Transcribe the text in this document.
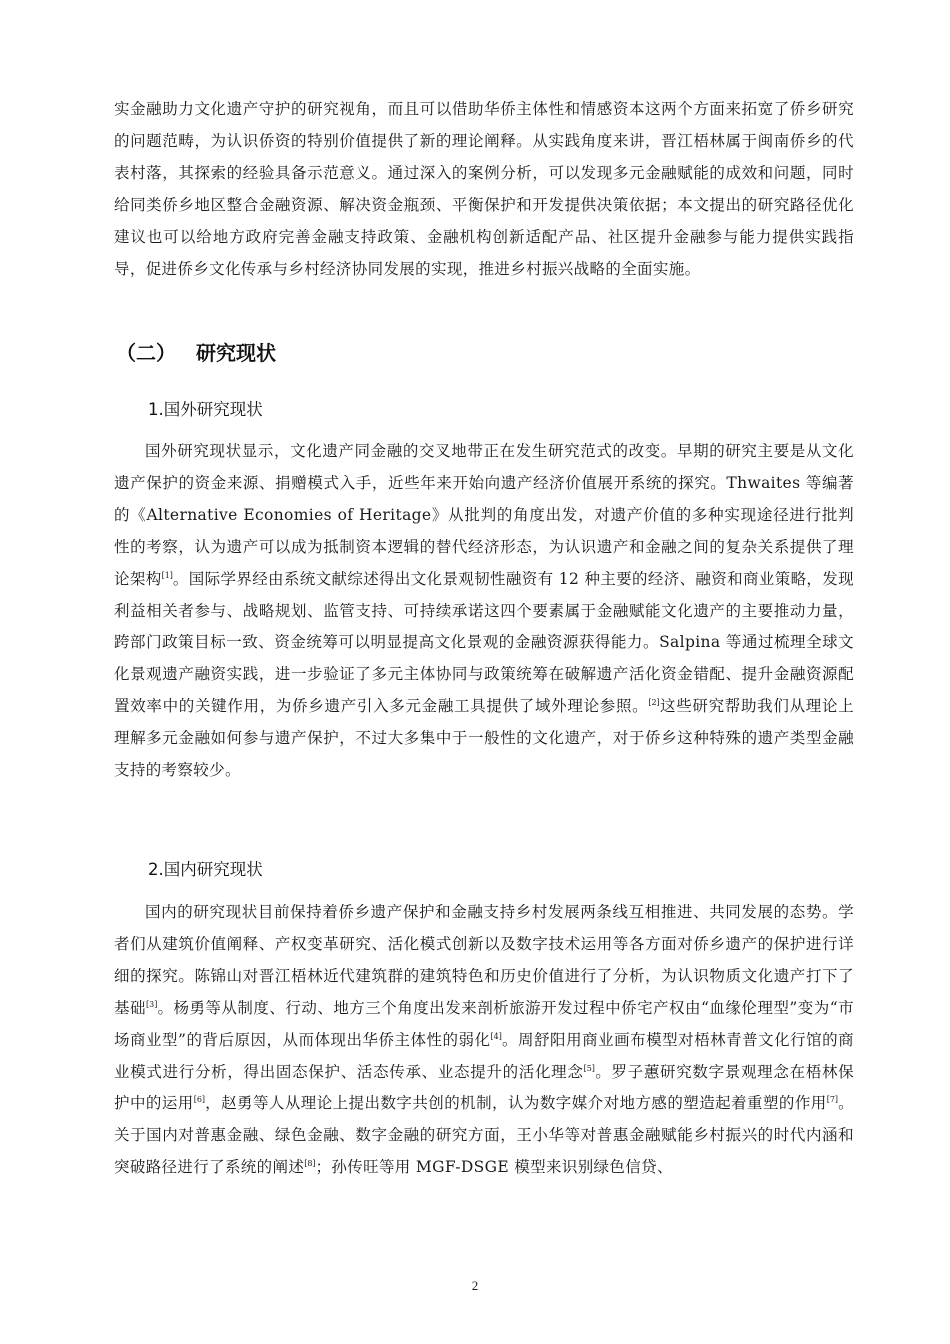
实金融助力文化遗产守护的研究视角，而且可以借助华侨主体性和情感资本这两个方面来拓宽了侨乡研究的问题范畴，为认识侨资的特别价值提供了新的理论阐释。从实践角度来讲，晋江梧林属于闽南侨乡的代表村落，其探索的经验具备示范意义。通过深入的案例分析，可以发现多元金融赋能的成效和问题，同时给同类侨乡地区整合金融资源、解决资金瓶颈、平衡保护和开发提供决策依据；本文提出的研究路径优化建议也可以给地方政府完善金融支持政策、金融机构创新适配产品、社区提升金融参与能力提供实践指导，促进侨乡文化传承与乡村经济协同发展的实现，推进乡村振兴战略的全面实施。

（二） 研究现状
1.国外研究现状

国外研究现状显示，文化遗产同金融的交叉地带正在发生研究范式的改变。早期的研究主要是从文化遗产保护的资金来源、捐赠模式入手，近些年来开始向遗产经济价值展开系统的探究。Thwaites 等编著的《Alternative Economies of Heritage》从批判的角度出发，对遗产价值的多种实现途径进行批判性的考察，认为遗产可以成为抵制资本逻辑的替代经济形态，为认识遗产和金融之间的复杂关系提供了理论架构[1]。国际学界经由系统文献综述得出文化景观韧性融资有 12 种主要的经济、融资和商业策略，发现利益相关者参与、战略规划、监管支持、可持续承诺这四个要素属于金融赋能文化遗产的主要推动力量，跨部门政策目标一致、资金统筹可以明显提高文化景观的金融资源获得能力。Salpina 等通过梳理全球文化景观遗产融资实践，进一步验证了多元主体协同与政策统筹在破解遗产活化资金错配、提升金融资源配置效率中的关键作用，为侨乡遗产引入多元金融工具提供了域外理论参照。[2]这些研究帮助我们从理论上理解多元金融如何参与遗产保护，不过大多集中于一般性的文化遗产，对于侨乡这种特殊的遗产类型金融支持的考察较少。

2.国内研究现状

国内的研究现状目前保持着侨乡遗产保护和金融支持乡村发展两条线互相推进、共同发展的态势。学者们从建筑价值阐释、产权变革研究、活化模式创新以及数字技术运用等各方面对侨乡遗产的保护进行详细的探究。陈锦山对晋江梧林近代建筑群的建筑特色和历史价值进行了分析，为认识物质文化遗产打下了基础[3]。杨勇等从制度、行动、地方三个角度出发来剖析旅游开发过程中侨宅产权由“血缘伦理型”变为“市场商业型”的背后原因，从而体现出华侨主体性的弱化[4]。周舒阳用商业画布模型对梧林青普文化行馆的商业模式进行分析，得出固态保护、活态传承、业态提升的活化理念[5]。罗子蕙研究数字景观理念在梧林保护中的运用[6]，赵勇等人从理论上提出数字共创的机制，认为数字媒介对地方感的塑造起着重塑的作用[7]。关于国内对普惠金融、绿色金融、数字金融的研究方面，王小华等对普惠金融赋能乡村振兴的时代内涵和突破路径进行了系统的阐述[8]；孙传旺等用 MGF-DSGE 模型来识别绿色信贷、

2
